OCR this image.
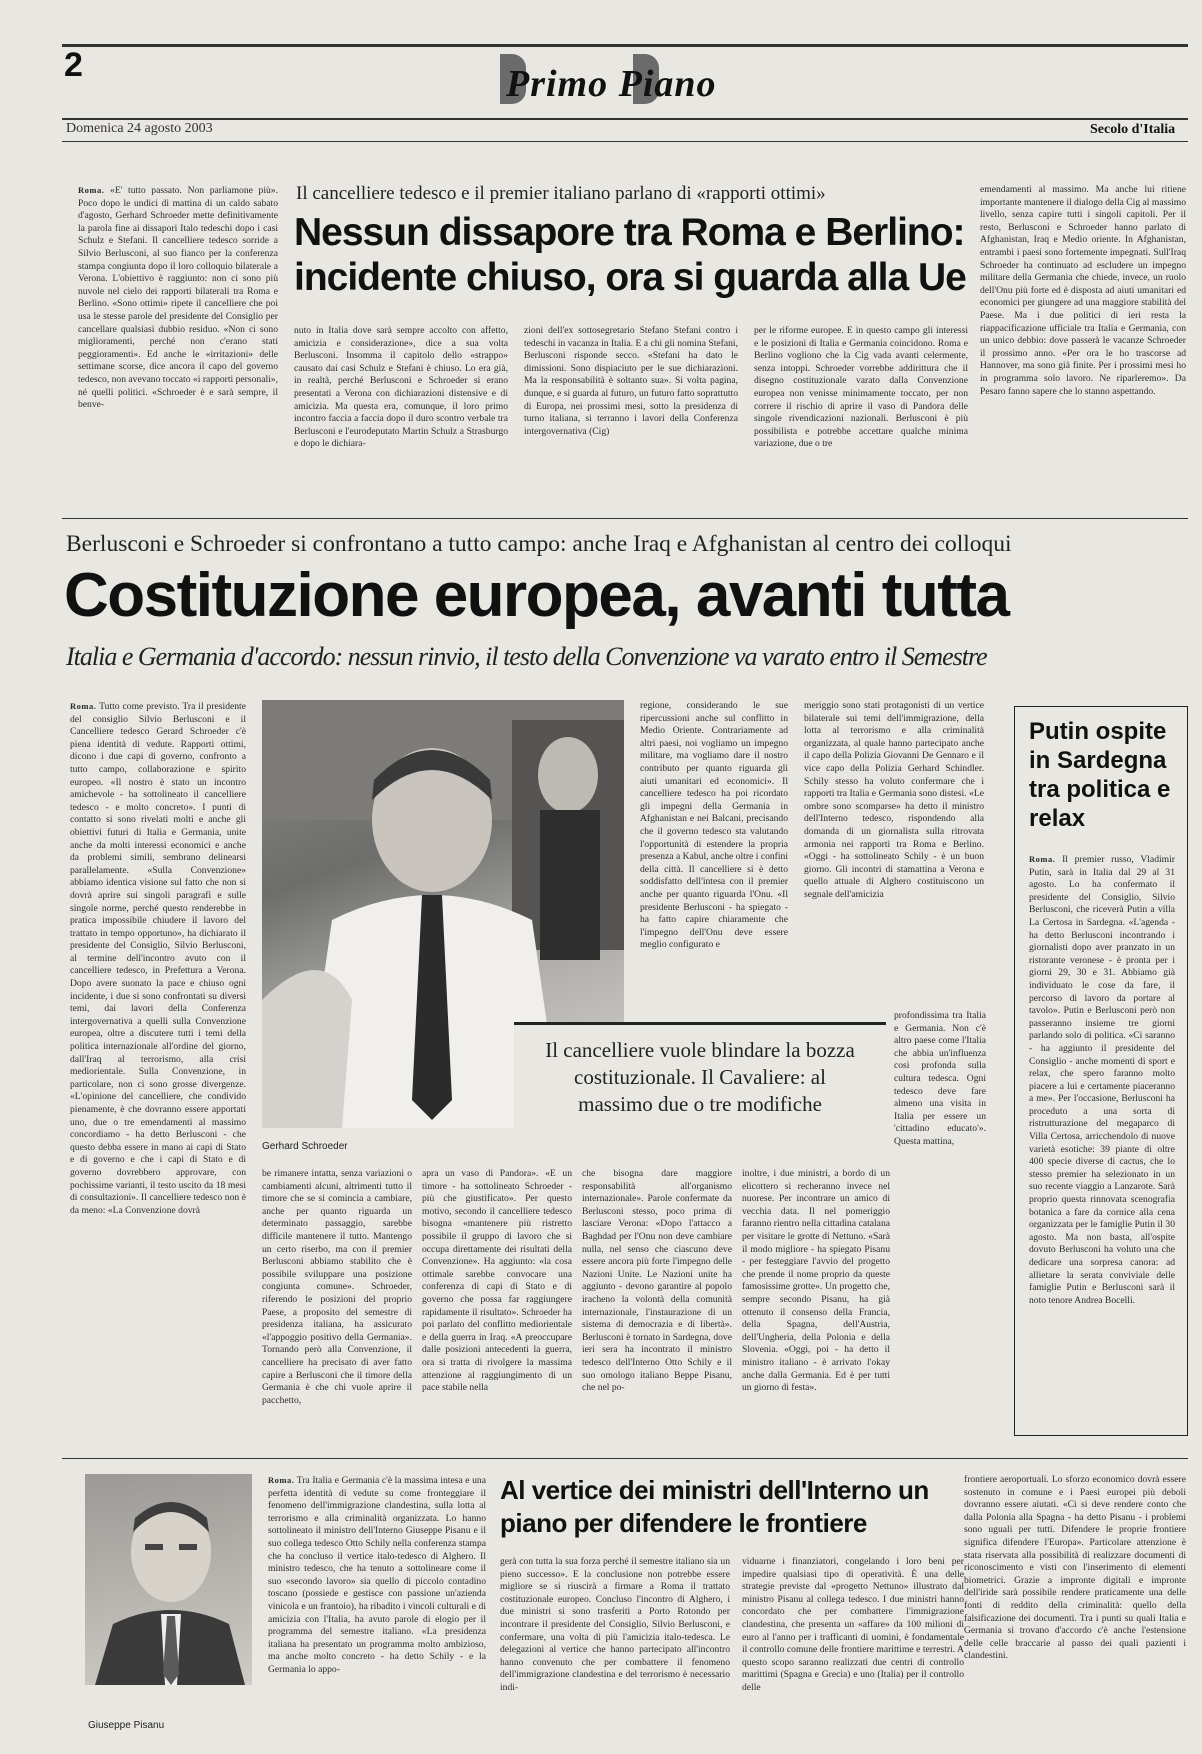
2	Primo Piano
Domenica 24 agosto 2003	Secolo d'Italia

Roma. «E' tutto passato. Non parliamone più». Poco dopo le undici di mattina di un caldo sabato d'agosto, Gerhard Schroeder mette definitivamente la parola fine ai dissapori Italo tedeschi dopo i casi Schulz e Stefani. Il cancelliere tedesco sorride a Silvio Berlusconi, al suo fianco per la conferenza stampa congiunta dopo il loro colloquio bilaterale a Verona. L'obiettivo è raggiunto: non ci sono più nuvole nel cielo dei rapporti bilaterali tra Roma e Berlino. «Sono ottimi» ripete il cancelliere che poi usa le stesse parole del presidente del Consiglio per cancellare qualsiasi dubbio residuo. «Non ci sono miglioramenti, perché non c'erano stati peggioramenti». Ed anche le «irritazioni» delle settimane scorse, dice ancora il capo del governo tedesco, non avevano toccato «i rapporti personali», né quelli politici. «Schroeder è e sarà sempre, il benve-

Il cancelliere tedesco e il premier italiano parlano di «rapporti ottimi»
Nessun dissapore tra Roma e Berlino: incidente chiuso, ora si guarda alla Ue

nuto in Italia dove sarà sempre accolto con affetto, amicizia e considerazione», dice a sua volta Berlusconi. Insomma il capitolo dello «strappo» causato dai casi Schulz e Stefani è chiuso. Lo era già, in realtà, perché Berlusconi e Schroeder si erano presentati a Verona con dichiarazioni distensive e di amicizia. Ma questa era, comunque, il loro primo incontro faccia a faccia dopo il duro scontro verbale tra Berlusconi e l'eurodeputato Martin Schulz a Strasburgo e dopo le dichiara-

zioni dell'ex sottosegretario Stefano Stefani contro i tedeschi in vacanza in Italia. E a chi gli nomina Stefani, Berlusconi risponde secco. «Stefani ha dato le dimissioni. Sono dispiaciuto per le sue dichiarazioni. Ma la responsabilità è soltanto sua». Si volta pagina, dunque, e si guarda al futuro, un futuro fatto soprattutto di Europa, nei prossimi mesi, sotto la presidenza di turno italiana, si terranno i lavori della Conferenza intergovernativa (Cig)

per le riforme europee. E in questo campo gli interessi e le posizioni di Italia e Germania coincidono. Roma e Berlino vogliono che la Cig vada avanti celermente, senza intoppi. Schroeder vorrebbe addirittura che il disegno costituzionale varato dalla Convenzione europea non venisse minimamente toccato, per non correre il rischio di aprire il vaso di Pandora delle singole rivendicazioni nazionali. Berlusconi è più possibilista e potrebbe accettare qualche minima variazione, due o tre

emendamenti al massimo. Ma anche lui ritiene importante mantenere il dialogo della Cig al massimo livello, senza capire tutti i singoli capitoli. Per il resto, Berlusconi e Schroeder hanno parlato di Afghanistan, Iraq e Medio oriente. In Afghanistan, entrambi i paesi sono fortemente impegnati. Sull'Iraq Schroeder ha continuato ad escludere un impegno militare della Germania che chiede, invece, un ruolo dell'Onu più forte ed è disposta ad aiuti umanitari ed economici per giungere ad una maggiore stabilità del Paese. Ma i due politici di ieri resta la riappacificazione ufficiale tra Italia e Germania, con un unico debbio: dove passerà le vacanze Schroeder il prossimo anno. «Per ora le ho trascorse ad Hannover, ma sono già finite. Per i prossimi mesi ho in programma solo lavoro. Ne riparleremo». Da Pesaro fanno sapere che lo stanno aspettando.

Berlusconi e Schroeder si confrontano a tutto campo: anche Iraq e Afghanistan al centro dei colloqui
Costituzione europea, avanti tutta
Italia e Germania d'accordo: nessun rinvio, il testo della Convenzione va varato entro il Semestre

Roma. Tutto come previsto. Tra il presidente del consiglio Silvio Berlusconi e il Cancelliere tedesco Gerard Schroeder c'è piena identità di vedute. Rapporti ottimi, dicono i due capi di governo, confronto a tutto campo, collaborazione e spirito europeo. «Il nostro è stato un incontro amichevole - ha sottolineato il cancelliere tedesco - e molto concreto». I punti di contatto si sono rivelati molti e anche gli obiettivi futuri di Italia e Germania, unite anche da molti interessi economici e anche da problemi simili, sembrano delinearsi parallelamente. «Sulla Convenzione» abbiamo identica visione sul fatto che non si dovrà aprire sui singoli paragrafi e sulle singole norme, perché questo renderebbe in pratica impossibile chiudere il lavoro del trattato in tempo opportuno», ha dichiarato il presidente del Consiglio, Silvio Berlusconi, al termine dell'incontro avuto con il cancelliere tedesco, in Prefettura a Verona. Dopo avere suonato la pace e chiuso ogni incidente, i due si sono confrontati su diversi temi, dai lavori della Conferenza intergovernativa a quelli sulla Convenzione europea, oltre a discutere tutti i temi della politica internazionale all'ordine del giorno, dall'Iraq al terrorismo, alla crisi mediorientale. Sulla Convenzione, in particolare, non ci sono grosse divergenze. «L'opinione del cancelliere, che condivido pienamente, è che dovranno essere apportati uno, due o tre emendamenti al massimo concordiamo - ha detto Berlusconi - che questo debba essere in mano ai capi di Stato e di governo e che i capi di Stato e di governo dovrebbero approvare, con pochissime varianti, il testo uscito da 18 mesi di consultazioni». Il cancelliere tedesco non è da meno: «La Convenzione dovrà

Gerhard Schroeder

regione, considerando le sue ripercussioni anche sul conflitto in Medio Oriente. Contrariamente ad altri paesi, noi vogliamo un impegno militare, ma vogliamo dare il nostro contributo per quanto riguarda gli aiuti umanitari ed economici». Il cancelliere tedesco ha poi ricordato gli impegni della Germania in Afghanistan e nei Balcani, precisando che il governo tedesco sta valutando l'opportunità di estendere la propria presenza a Kabul, anche oltre i confini della città. Il cancelliere si è detto soddisfatto dell'intesa con il premier anche per quanto riguarda l'Onu. «Il presidente Berlusconi - ha spiegato - ha fatto capire chiaramente che l'impegno dell'Onu deve essere meglio configurato e

meriggio sono stati protagonisti di un vertice bilaterale sui temi dell'immigrazione, della lotta al terrorismo e alla criminalità organizzata, al quale hanno partecipato anche il capo della Polizia Giovanni De Gennaro e il vice capo della Polizia Gerhard Schindler. Schily stesso ha voluto confermare che i rapporti tra Italia e Germania sono distesi. «Le ombre sono scomparse» ha detto il ministro dell'Interno tedesco, rispondendo alla domanda di un giornalista sulla ritrovata armonia nei rapporti tra Roma e Berlino. «Oggi - ha sottolineato Schily - è un buon giorno. Gli incontri di stamattina a Verona e quello attuale di Alghero costituiscono un segnale dell'amicizia

profondissima tra Italia e Germania. Non c'è altro paese come l'Italia che abbia un'influenza così profonda sulla cultura tedesca. Ogni tedesco deve fare almeno una visita in Italia per essere un 'cittadino educato'». Questa mattina,

Il cancelliere vuole blindare la bozza costituzionale. Il Cavaliere: al massimo due o tre modifiche

be rimanere intatta, senza variazioni o cambiamenti alcuni, altrimenti tutto il timore che se si comincia a cambiare, anche per quanto riguarda un determinato passaggio, sarebbe difficile mantenere il tutto. Mantengo un certo riserbo, ma con il premier Berlusconi abbiamo stabilito che è possibile sviluppare una posizione congiunta comune». Schroeder, riferendo le posizioni del proprio Paese, a proposito del semestre di presidenza italiana, ha assicurato «l'appoggio positivo della Germania». Tornando però alla Convenzione, il cancelliere ha precisato di aver fatto capire a Berlusconi che il timore della Germania è che chi vuole aprire il pacchetto,

apra un vaso di Pandora». «E un timore - ha sottolineato Schroeder - più che giustificato». Per questo motivo, secondo il cancelliere tedesco bisogna «mantenere più ristretto possibile il gruppo di lavoro che si occupa direttamente dei risultati della Convenzione». Ha aggiunto: «la cosa ottimale sarebbe convocare una conferenza di capi di Stato e di governo che possa far raggiungere rapidamente il risultato». Schroeder ha poi parlato del conflitto mediorientale e della guerra in Iraq. «A preoccupare dalle posizioni antecedenti la guerra, ora si tratta di rivolgere la massima attenzione al raggiungimento di un pace stabile nella

che bisogna dare maggiore responsabilità all'organismo internazionale». Parole confermate da Berlusconi stesso, poco prima di lasciare Verona: «Dopo l'attacco a Baghdad per l'Onu non deve cambiare nulla, nel senso che ciascuno deve essere ancora più forte l'impegno delle Nazioni Unite. Le Nazioni unite ha aggiunto - devono garantire al popolo iracheno la volontà della comunità internazionale, l'instaurazione di un sistema di democrazia e di libertà». Berlusconi è tornato in Sardegna, dove ieri sera ha incontrato il ministro tedesco dell'Interno Otto Schily e il suo omologo italiano Beppe Pisanu, che nel po-

inoltre, i due ministri, a bordo di un elicottero si recheranno invece nel nuorese. Per incontrare un amico di vecchia data. Il nel pomeriggio faranno rientro nella cittadina catalana per visitare le grotte di Nettuno. «Sarà il modo migliore - ha spiegato Pisanu - per festeggiare l'avvio del progetto che prende il nome proprio da queste famosissime grotte». Un progetto che, sempre secondo Pisanu, ha già ottenuto il consenso della Francia, della Spagna, dell'Austria, dell'Ungheria, della Polonia e della Slovenia. «Oggi, poi - ha detto il ministro italiano - è arrivato l'okay anche dalla Germania. Ed è per tutti un giorno di festa».

Putin ospite in Sardegna tra politica e relax

Roma. Il premier russo, Vladimir Putin, sarà in Italia dal 29 al 31 agosto. Lo ha confermato il presidente del Consiglio, Silvio Berlusconi, che riceverà Putin a villa La Certosa in Sardegna. «L'agenda - ha detto Berlusconi incontrando i giornalisti dopo aver pranzato in un ristorante veronese - è pronta per i giorni 29, 30 e 31. Abbiamo già individuato le cose da fare, il percorso di lavoro da portare al tavolo». Putin e Berlusconi però non passeranno insieme tre giorni parlando solo di politica. «Ci saranno - ha aggiunto il presidente del Consiglio - anche momenti di sport e relax, che spero faranno molto piacere a lui e certamente piaceranno a me». Per l'occasione, Berlusconi ha proceduto a una sorta di ristrutturazione del megaparco di Villa Certosa, arricchendolo di nuove varietà esotiche: 39 piante di oltre 400 specie diverse di cactus, che lo stesso premier ha selezionato in un suo recente viaggio a Lanzarote. Sarà proprio questa rinnovata scenografia botanica a fare da cornice alla cena organizzata per le famiglie Putin il 30 agosto. Ma non basta, all'ospite dovuto Berlusconi ha voluto una che dedicare una sorpresa canora: ad allietare la serata conviviale delle famiglie Putin e Berlusconi sarà il noto tenore Andrea Bocelli.

Giuseppe Pisanu

Roma. Tra Italia e Germania c'è la massima intesa e una perfetta identità di vedute su come fronteggiare il fenomeno dell'immigrazione clandestina, sulla lotta al terrorismo e alla criminalità organizzata. Lo hanno sottolineato il ministro dell'Interno Giuseppe Pisanu e il suo collega tedesco Otto Schily nella conferenza stampa che ha concluso il vertice italo-tedesco di Alghero. Il ministro tedesco, che ha tenuto a sottolineare come il suo «secondo lavoro» sia quello di piccolo contadino toscano (possiede e gestisce con passione un'azienda vinicola e un frantoio), ha ribadito i vincoli culturali e di amicizia con l'Italia, ha avuto parole di elogio per il programma del semestre italiano. «La presidenza italiana ha presentato un programma molto ambizioso, ma anche molto concreto - ha detto Schily - e la Germania lo appo-

Al vertice dei ministri dell'Interno un piano per difendere le frontiere

gerà con tutta la sua forza perché il semestre italiano sia un pieno successo». E la conclusione non potrebbe essere migliore se si riuscirà a firmare a Roma il trattato costituzionale europeo. Concluso l'incontro di Alghero, i due ministri si sono trasferiti a Porto Rotondo per incontrare il presidente del Consiglio, Silvio Berlusconi, e confermare, una volta di più l'amicizia italo-tedesca. Le delegazioni al vertice che hanno partecipato all'incontro hanno convenuto che per combattere il fenomeno dell'immigrazione clandestina e del terrorismo è necessario indi-

viduarne i finanziatori, congelando i loro beni per impedire qualsiasi tipo di operatività. È una delle strategie previste dal «progetto Nettuno» illustrato dal ministro Pisanu al collega tedesco. I due ministri hanno concordato che per combattere l'immigrazione clandestina, che presenta un «affare» da 100 milioni di euro al l'anno per i trafficanti di uomini, è fondamentale il controllo comune delle frontiere marittime e terrestri. A questo scopo saranno realizzati due centri di controllo marittimi (Spagna e Grecia) e uno (Italia) per il controllo delle

frontiere aeroportuali. Lo sforzo economico dovrà essere sostenuto in comune e i Paesi europei più deboli dovranno essere aiutati. «Ci si deve rendere conto che dalla Polonia alla Spagna - ha detto Pisanu - i problemi sono uguali per tutti. Difendere le proprie frontiere significa difendere l'Europa». Particolare attenzione è stata riservata alla possibilità di realizzare documenti di riconoscimento e visti con l'inserimento di elementi biometrici. Grazie a impronte digitali e impronte dell'iride sarà possibile rendere praticamente una delle fonti di reddito della criminalità: quello della falsificazione dei documenti. Tra i punti su quali Italia e Germania si trovano d'accordo c'è anche l'estensione delle celle braccarie al passo dei quali pazienti i clandestini.
